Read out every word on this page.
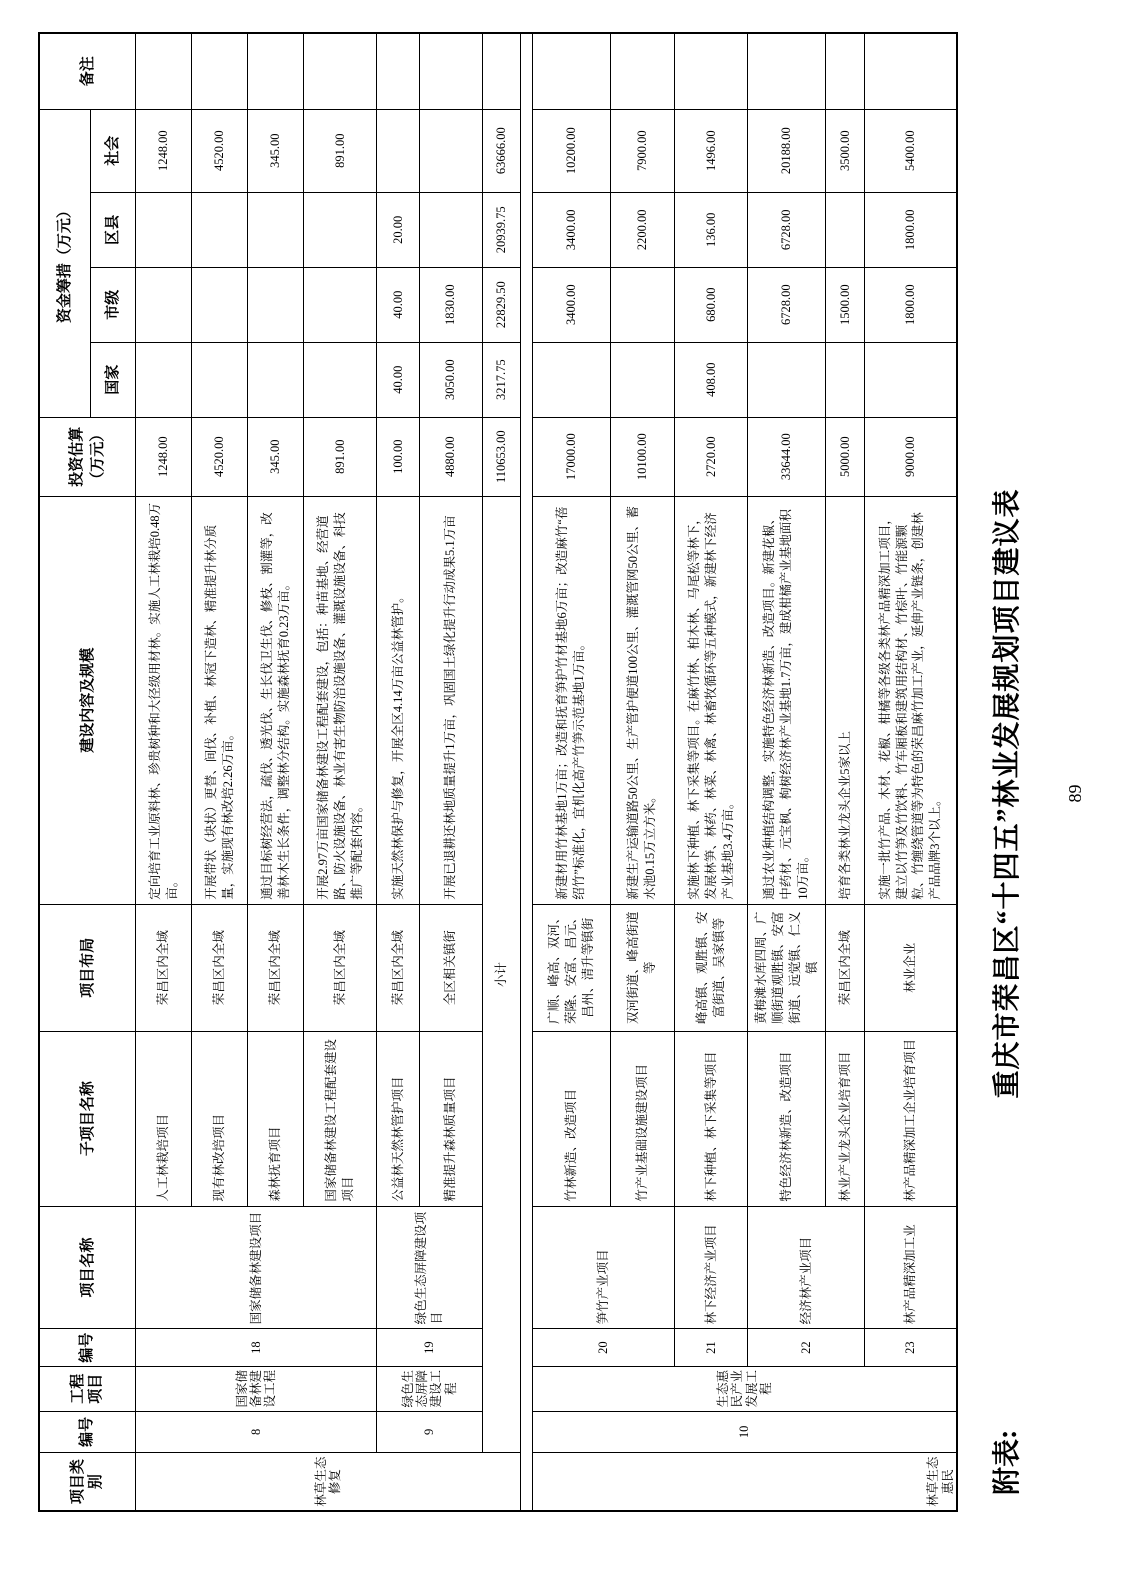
附表:
重庆市荣昌区“十四五”林业发展规划项目建议表
项目类别	编号	工程项目	编号	项目名称	子项目名称	项目布局	建设内容及规模	投资估算（万元）	资金筹措（万元）				备注
									国家	市级	区县	社会	
林草生态修复	8	国家储备林建设工程	18	国家储备林建设项目	人工林栽培项目	荣昌区内全域	定向培育工业原料林、珍贵树种和大径级用材林。实施人工林栽培0.48万亩。	1248.00				1248.00	
					现有林改培项目	荣昌区内全域	开展带状（块状）更替、间伐、补植、林冠下造林、精准提升林分质量，实施现有林改培2.26万亩。	4520.00				4520.00	
					森林抚育项目	荣昌区内全域	通过目标树经营法，疏伐、透光伐、生长伐卫生伐、修枝、割灌等，改善林木生长条件，调整林分结构。实施森林抚育0.23万亩。	345.00				345.00	
					国家储备林建设工程配套建设项目	荣昌区内全域	开展2.97万亩国家储备林建设工程配套建设，包括：种苗基地、经营道路、防火设施设备、林业有害生物防治设施设备、灌溉设施设备、科技推广等配套内容。	891.00				891.00	
	9	绿色生态屏障建设工程	19	绿色生态屏障建设项目	公益林天然林管护项目	荣昌区内全域	实施天然林保护与修复，开展全区4.14万亩公益林管护。	100.00	40.00	40.00	20.00		
					精准提升森林质量项目	全区相关镇街	开展已退耕还林地质量提升1万亩，巩固国土绿化提升行动成果5.1万亩	4880.00	3050.00	1830.00			
	小计							110653.00	3217.75	22829.50	20939.75	63666.00	

林草生态惠民	10	生态惠民产业发展工程	20	笋竹产业项目	竹林新造、改造项目	广顺、峰高、双河、荣隆、安富、昌元、昌州、清升等镇街	新建材用竹林基地1万亩；改造和抚育笋护竹材基地6万亩；改造麻竹“蓓绍竹”标准化，宜机化高产竹笋示范基地1万亩。	17000.00		3400.00	3400.00	10200.00	
					竹产业基础设施建设项目	双河街道、峰高街道等	新建生产运输道路50公里、生产管护便道100公里、灌溉管网50公里、蓄水池0.15万立方米。	10100.00			2200.00	7900.00	
			21	林下经济产业项目	林下种植、林下采集等项目	峰高镇、观胜镇、安富街道、吴家镇等	实施林下种植、林下采集等项目。在麻竹林、柏木林、马尾松等林下，发展林笋、林药、林菜、林禽、林畜牧循环等五种模式，新建林下经济产业基地3.4万亩。	2720.00	408.00	680.00	136.00	1496.00	
			22	经济林产业项目	特色经济林新造、改造项目	黄梅滩水库四周、广顺街道观胜镇、安富街道、远觉镇、仁义镇	通过农业种植结构调整，实施特色经济林新造、改造项目。新建花椒、中药材、元宝枫、枸树经济林产业基地1.7万亩，建成柑橘产业基地面积10万亩。	33644.00		6728.00	6728.00	20188.00	
					林业产业龙头企业培育项目	荣昌区内全域	培育各类林业龙头企业5家以上	5000.00		1500.00		3500.00	
			23	林产品精深加工业	林产品精深加工企业培育项目	林业企业	实施一批竹产品、木材、花椒、柑橘等各级各类林产品精深加工项目，建立以竹笋及竹饮料、竹车厢板和建筑用结构材、竹棕叶、竹能源颗粒、竹缠绕管道等为特色的荣昌麻竹加工产业，延伸产业链条，创建林产品品牌3个以上。	9000.00		1800.00	1800.00	5400.00	
89
